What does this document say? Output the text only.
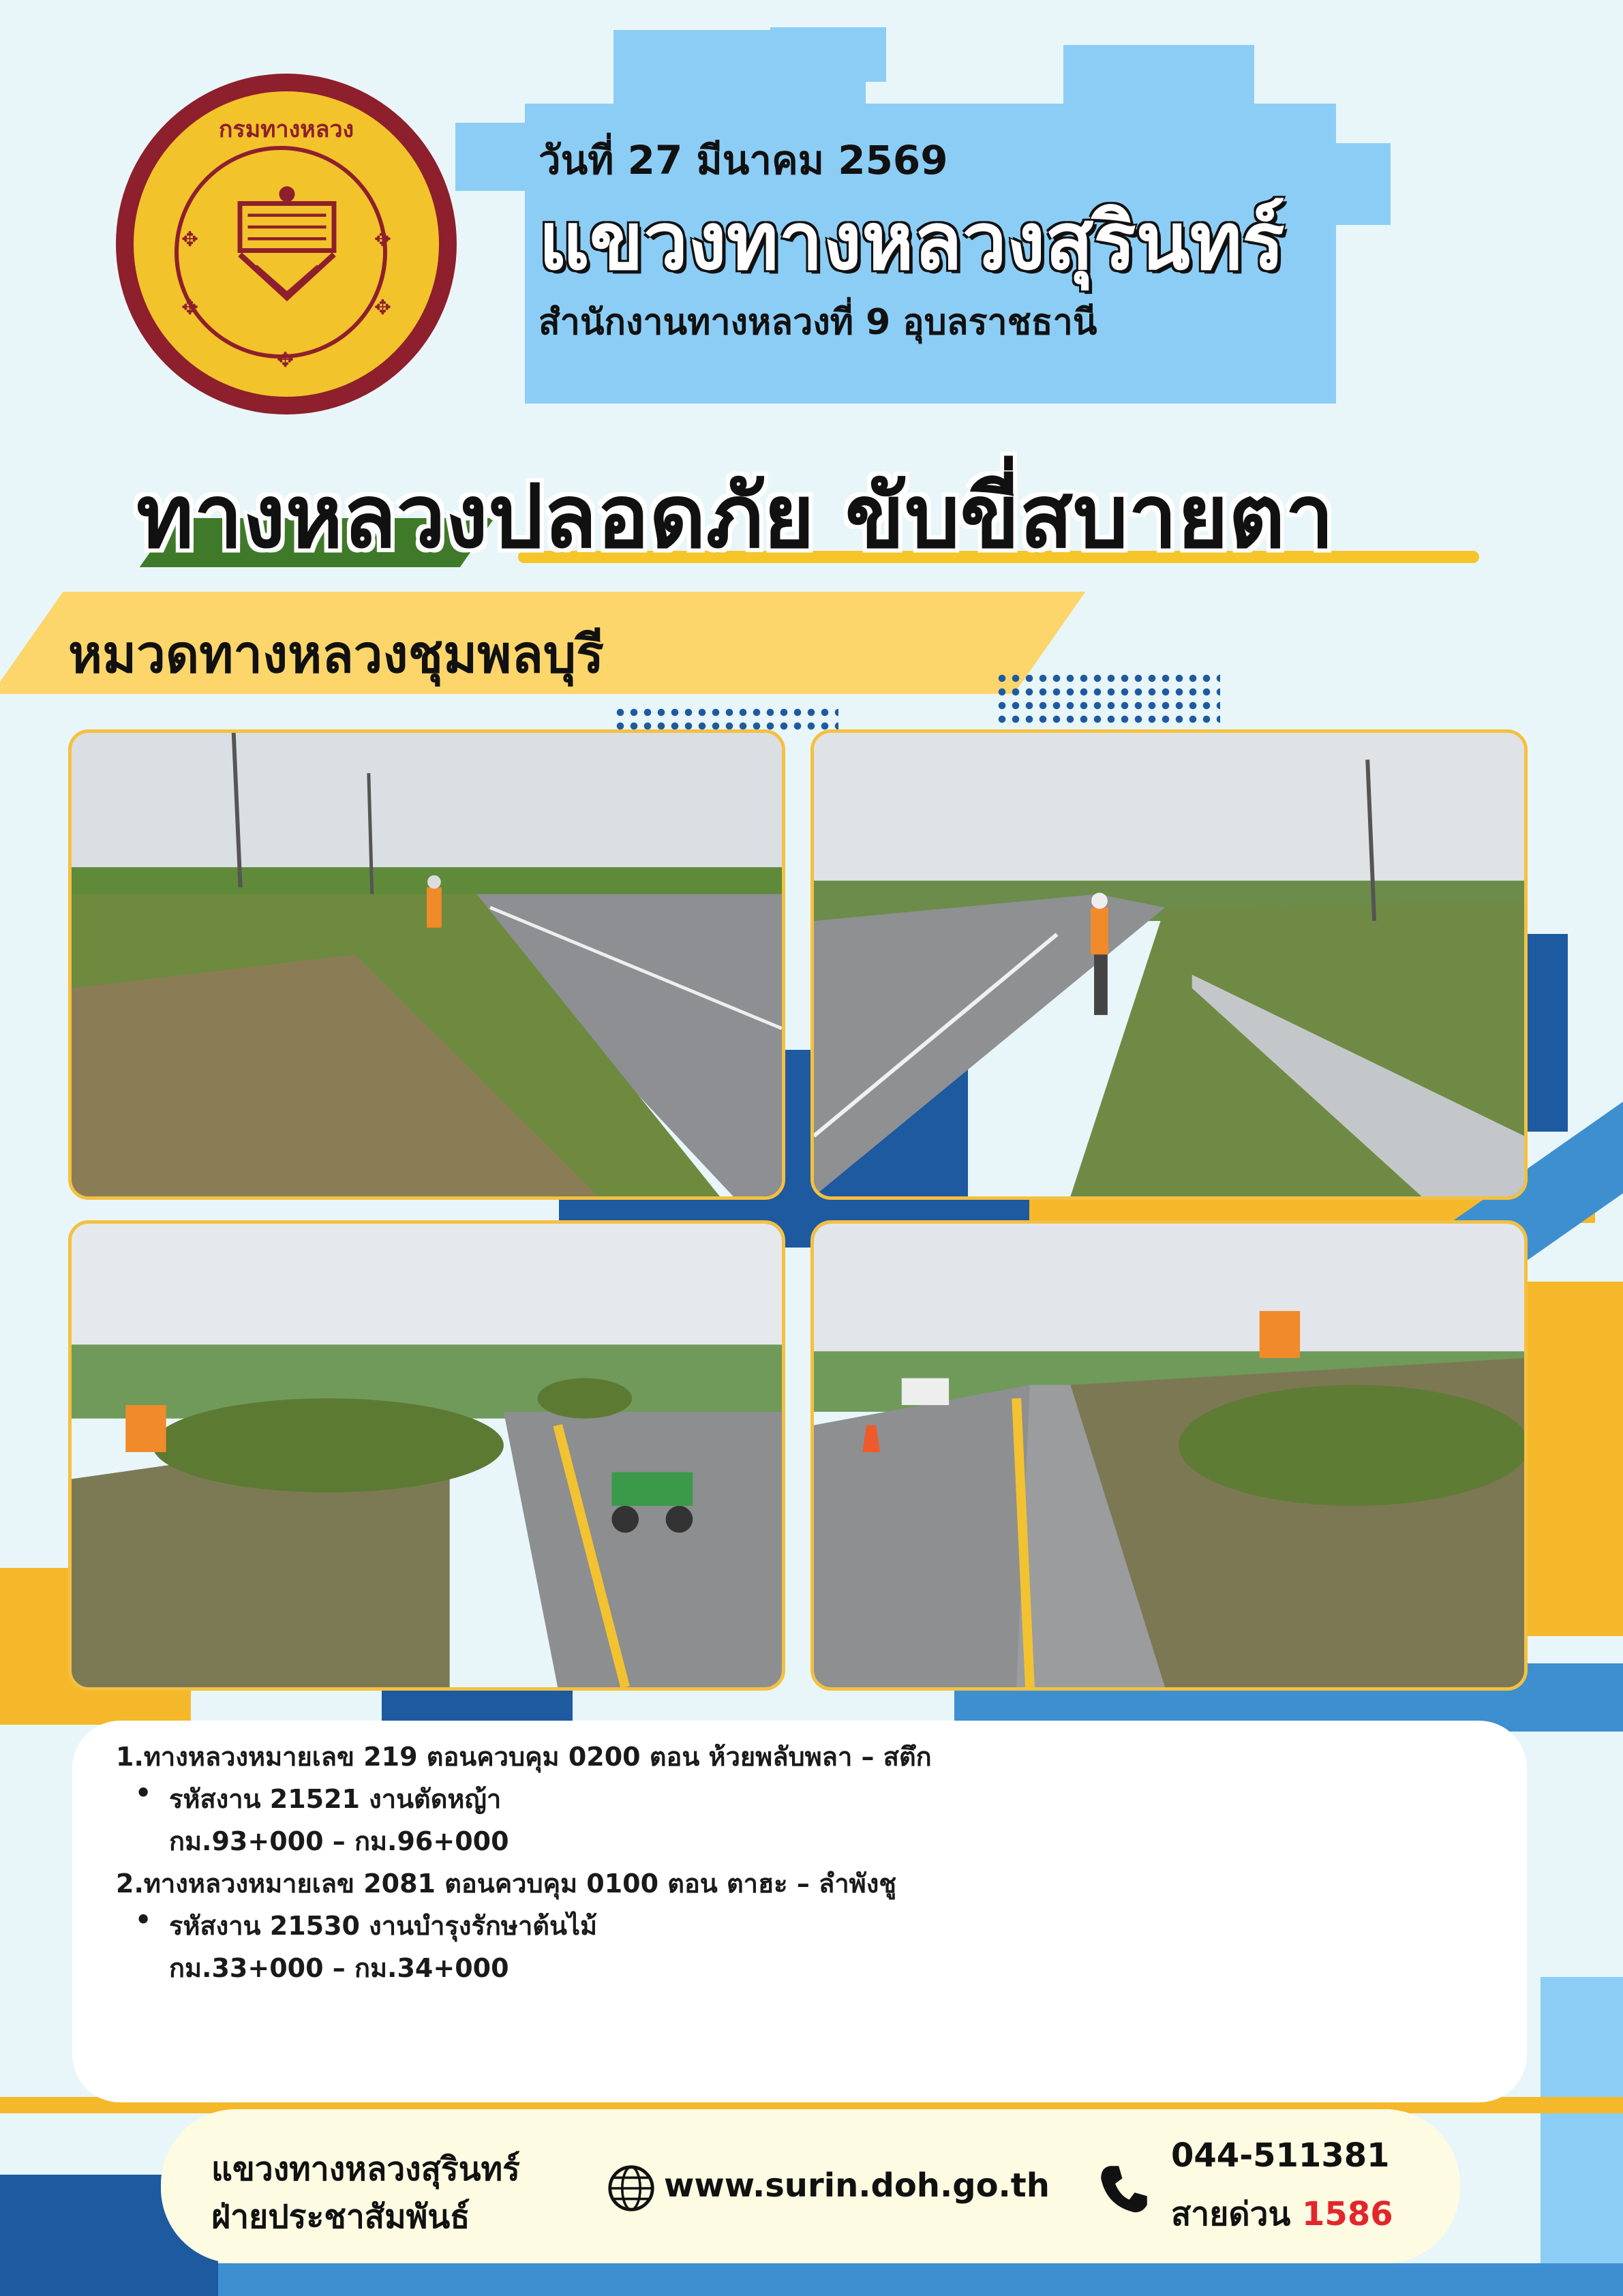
กรมทางหลวง
✥	✥
✥	✥
✥
วันที่ 27 มีนาคม 2569
แขวงทางหลวงสุรินทร์
สำนักงานทางหลวงที่ 9 อุบลราชธานี
ทางหลวงปลอดภัย ขับขี่สบายตา
หมวดทางหลวงชุมพลบุรี
1.ทางหลวงหมายเลข 219 ตอนควบคุม 0200 ตอน ห้วยพลับพลา – สตึก
• รหัสงาน 21521 งานตัดหญ้า
กม.93+000 – กม.96+000
2.ทางหลวงหมายเลข 2081 ตอนควบคุม 0100 ตอน ตาฮะ – ลำพังชู
• รหัสงาน 21530 งานบำรุงรักษาต้นไม้
กม.33+000 – กม.34+000
แขวงทางหลวงสุรินทร์
ฝ่ายประชาสัมพันธ์
www.surin.doh.go.th
044-511381
สายด่วน 1586
